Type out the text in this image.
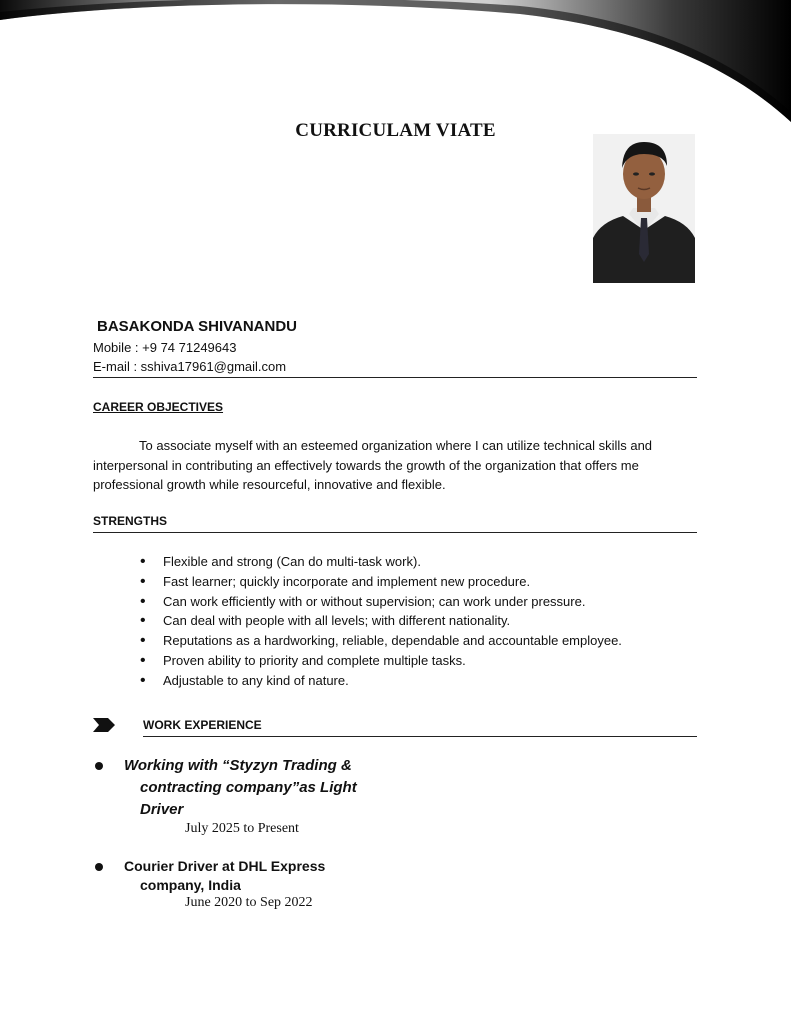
CURRICULAM VIATE
BASAKONDA SHIVANANDU
Mobile : +9 74 71249643
E-mail : sshiva17961@gmail.com
CAREER OBJECTIVES
To associate myself with an esteemed organization where I can utilize technical skills and interpersonal in contributing an effectively towards the growth of the organization that offers me professional growth while resourceful, innovative and flexible.
STRENGTHS
• Flexible and strong (Can do multi-task work).
• Fast learner; quickly incorporate and implement new procedure.
• Can work efficiently with or without supervision; can work under pressure.
• Can deal with people with all levels; with different nationality.
• Reputations as a hardworking, reliable, dependable and accountable employee.
• Proven ability to priority and complete multiple tasks.
• Adjustable to any kind of nature.
WORK EXPERIENCE
Working with “Styzyn Trading &
contracting company”as Light
Driver
July 2025 to Present
Courier Driver at DHL Express
company, India
June 2020 to Sep 2022
